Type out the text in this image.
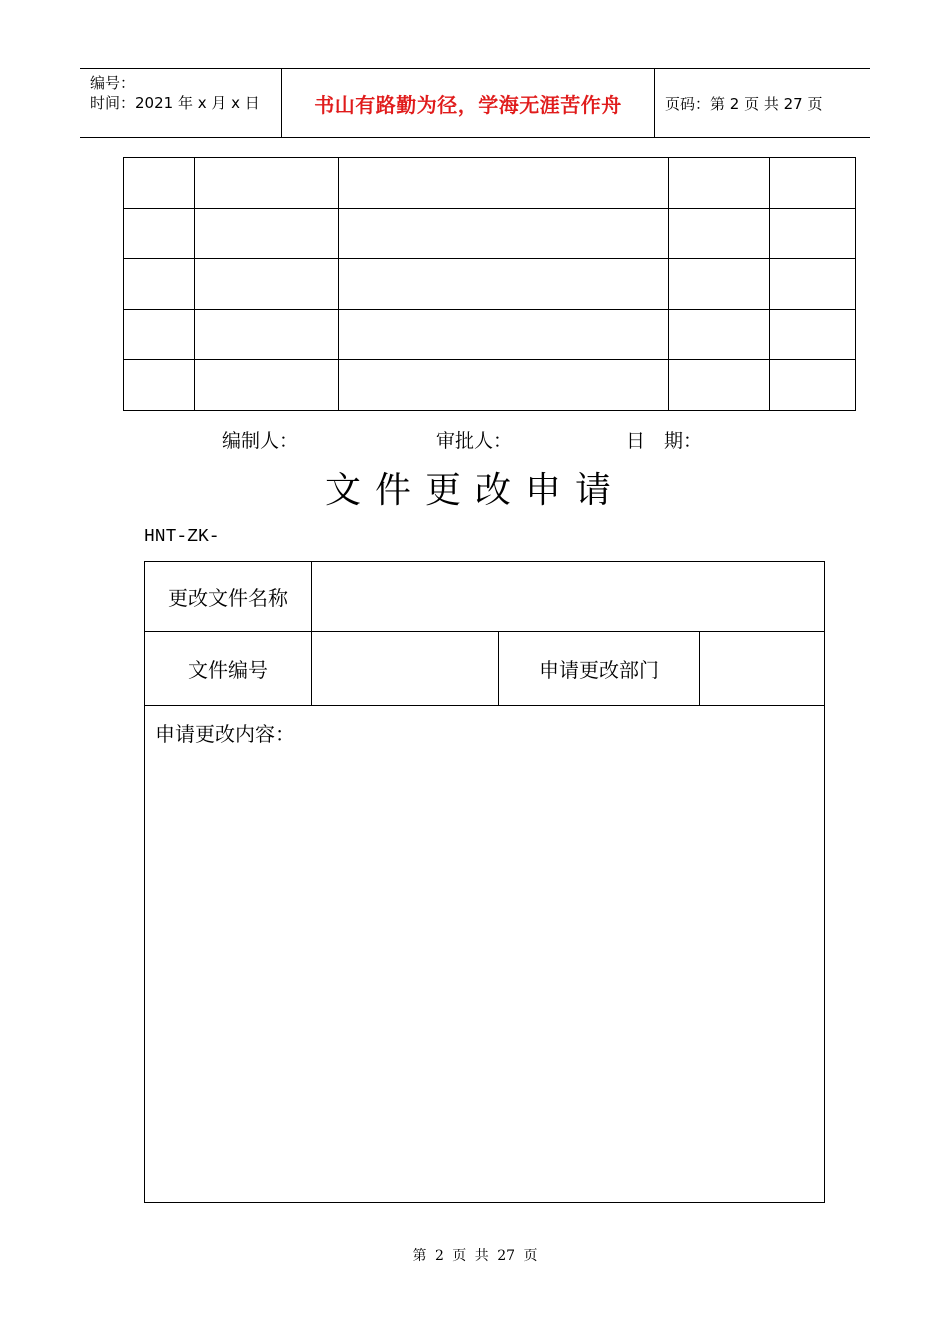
编号：
时间：2021 年 x 月 x 日	书山有路勤为径，学海无涯苦作舟	页码：第 2 页 共 27 页

编制人：	审批人：	日　期：
文件更改申请
HNT-ZK-
更改文件名称
文件编号	申请更改部门
申请更改内容：
第 2 页 共 27 页
